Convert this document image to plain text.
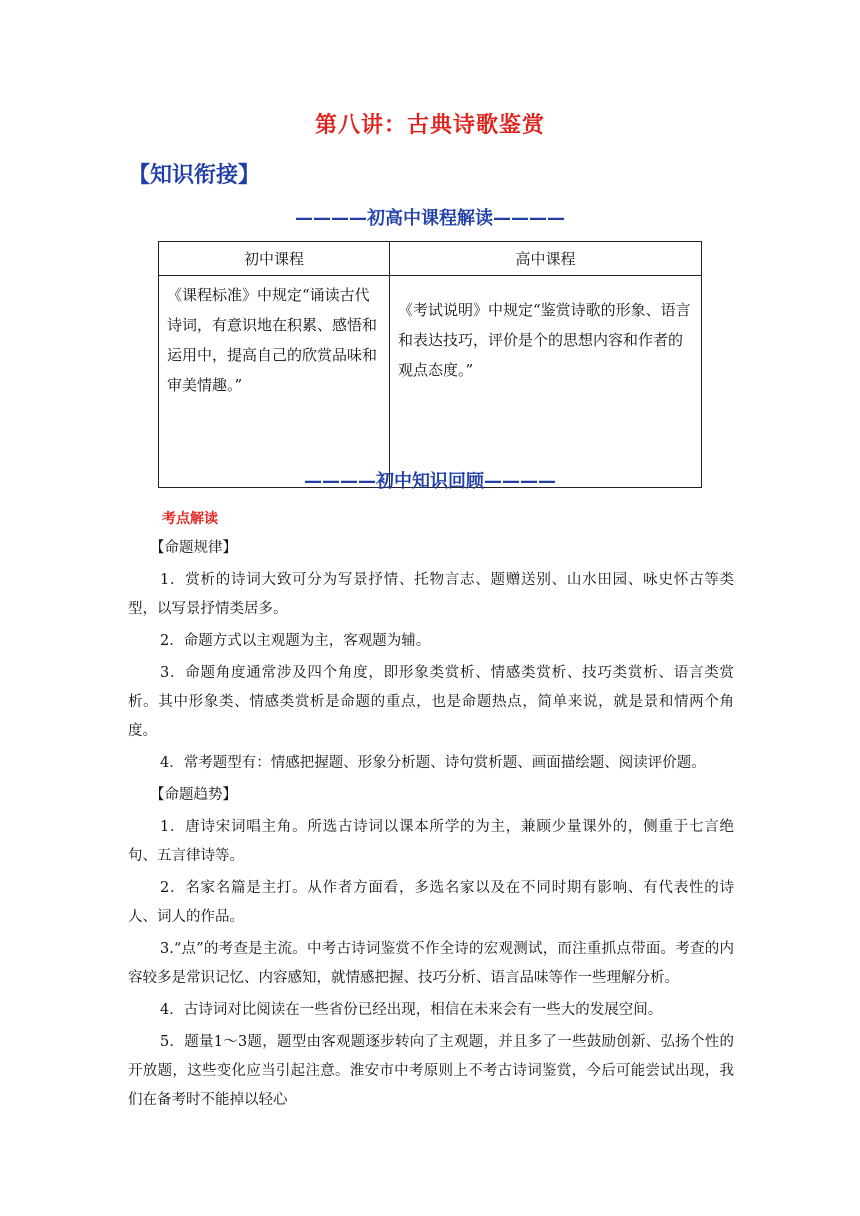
第八讲：古典诗歌鉴赏
【知识衔接】
————初高中课程解读————
初中课程	高中课程
《课程标准》中规定“诵读古代诗词，有意识地在积累、感悟和运用中，提高自己的欣赏品味和审美情趣。”	《考试说明》中规定“鉴赏诗歌的形象、语言和表达技巧，评价是个的思想内容和作者的观点态度。”
————初中知识回顾————
考点解读
【命题规律】
1．赏析的诗词大致可分为写景抒情、托物言志、题赠送别、山水田园、咏史怀古等类型，以写景抒情类居多。
2．命题方式以主观题为主，客观题为辅。
3．命题角度通常涉及四个角度，即形象类赏析、情感类赏析、技巧类赏析、语言类赏析。其中形象类、情感类赏析是命题的重点，也是命题热点，简单来说，就是景和情两个角度。
4．常考题型有：情感把握题、形象分析题、诗句赏析题、画面描绘题、阅读评价题。
【命题趋势】
1．唐诗宋词唱主角。所选古诗词以课本所学的为主，兼顾少量课外的，侧重于七言绝句、五言律诗等。
2．名家名篇是主打。从作者方面看，多选名家以及在不同时期有影响、有代表性的诗人、词人的作品。
3.“点”的考查是主流。中考古诗词鉴赏不作全诗的宏观测试，而注重抓点带面。考查的内容较多是常识记忆、内容感知，就情感把握、技巧分析、语言品味等作一些理解分析。
4．古诗词对比阅读在一些省份已经出现，相信在未来会有一些大的发展空间。
5．题量1～3题，题型由客观题逐步转向了主观题，并且多了一些鼓励创新、弘扬个性的开放题，这些变化应当引起注意。淮安市中考原则上不考古诗词鉴赏，今后可能尝试出现，我们在备考时不能掉以轻心
